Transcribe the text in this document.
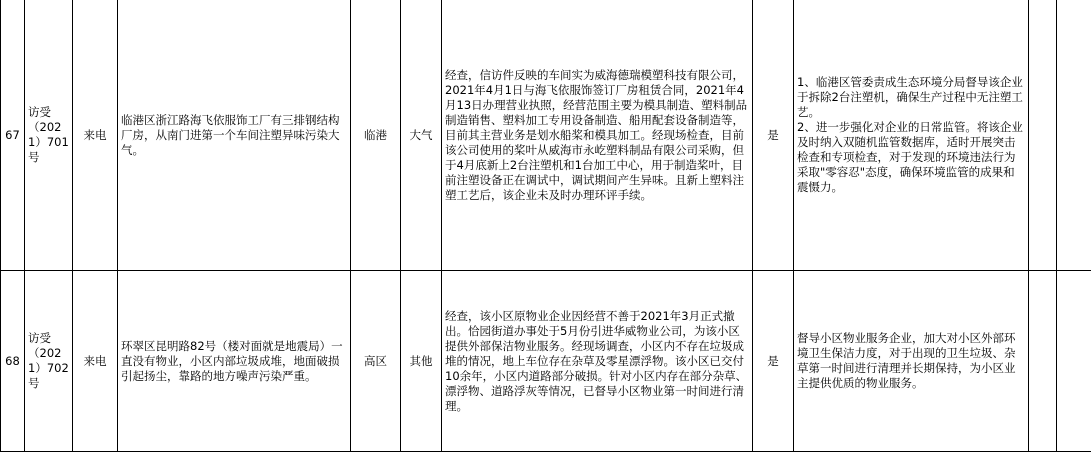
67	访受（2021）701号	来电	临港区浙江路海飞依服饰工厂有三排钢结构厂房，从南门进第一个车间注塑异味污染大气。	临港	大气	经查，信访件反映的车间实为威海德瑞模塑科技有限公司，2021年4月1日与海飞依服饰签订厂房租赁合同，2021年4月13日办理营业执照，经营范围主要为模具制造、塑料制品制造销售、塑料加工专用设备制造、船用配套设备制造等，目前其主营业务是划水船桨和模具加工。经现场检查，目前该公司使用的桨叶从威海市永屹塑料制品有限公司采购，但于4月底新上2台注塑机和1台加工中心，用于制造桨叶，目前注塑设备正在调试中，调试期间产生异味。且新上塑料注塑工艺后，该企业未及时办理环评手续。	是	1、临港区管委责成生态环境分局督导该企业于拆除2台注塑机，确保生产过程中无注塑工艺。
2、进一步强化对企业的日常监管。将该企业及时纳入双随机监管数据库，适时开展突击检查和专项检查，对于发现的环境违法行为采取"零容忍"态度，确保环境监管的成果和震慑力。		
68	访受（2021）702号	来电	环翠区昆明路82号（楼对面就是地震局）一直没有物业，小区内部垃圾成堆，地面破损引起扬尘，靠路的地方噪声污染严重。	高区	其他	经查，该小区原物业企业因经营不善于2021年3月正式撤出。恰园街道办事处于5月份引进华威物业公司，为该小区提供外部保洁物业服务。经现场调查，小区内不存在垃圾成堆的情况，地上车位存在杂草及零星漂浮物。该小区已交付10余年，小区内道路部分破损。针对小区内存在部分杂草、漂浮物、道路浮灰等情况，已督导小区物业第一时间进行清理。	是	督导小区物业服务企业，加大对小区外部环境卫生保洁力度，对于出现的卫生垃圾、杂草第一时间进行清理并长期保持，为小区业主提供优质的物业服务。		
